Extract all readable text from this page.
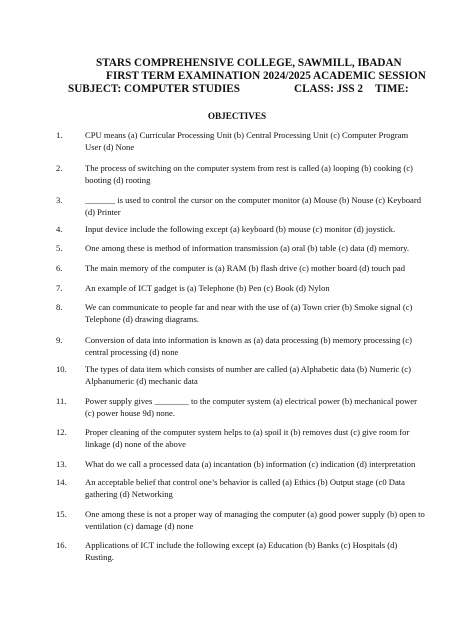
STARS COMPREHENSIVE COLLEGE, SAWMILL, IBADAN
FIRST TERM EXAMINATION 2024/2025 ACADEMIC SESSION
SUBJECT: COMPUTER STUDIES	CLASS: JSS 2 TIME:
OBJECTIVES
1.	CPU means (a) Curricular Processing Unit (b) Central Processing Unit (c) Computer Program User (d) None
2.	The process of switching on the computer system from rest is called (a) looping (b) cooking (c) booting (d) rooting
3.	_______ is used to control the cursor on the computer monitor (a) Mouse (b) Nouse (c) Keyboard (d) Printer
4.	Input device include the following except (a) keyboard (b) mouse (c) monitor (d) joystick.
5.	One among these is method of information transmission (a) oral (b) table (c) data (d) memory.
6.	The main memory of the computer is (a) RAM (b) flash drive (c) mother board (d) touch pad
7.	An example of ICT gadget is (a) Telephone (b) Pen (c) Book (d) Nylon
8.	We can communicate to people far and near with the use of (a) Town crier (b) Smoke signal (c) Telephone (d) drawing diagrams.
9.	Conversion of data into information is known as (a) data processing (b) memory processing (c) central processing (d) none
10.	The types of data item which consists of number are called (a) Alphabetic data (b) Numeric (c) Alphanumeric (d) mechanic data
11.	Power supply gives ________ to the computer system (a) electrical power (b) mechanical power (c) power house 9d) none.
12.	Proper cleaning of the computer system helps to (a) spoil it (b) removes dust (c) give room for linkage (d) none of the above
13.	What do we call a processed data (a) incantation (b) information (c) indication (d) interpretation
14.	An acceptable belief that control one’s behavior is called (a) Ethics (b) Output stage (c0 Data gathering (d) Networking
15.	One among these is not a proper way of managing the computer (a) good power supply (b) open to ventilation (c) damage (d) none
16.	Applications of ICT include the following except (a) Education (b) Banks (c) Hospitals (d) Rusting.
